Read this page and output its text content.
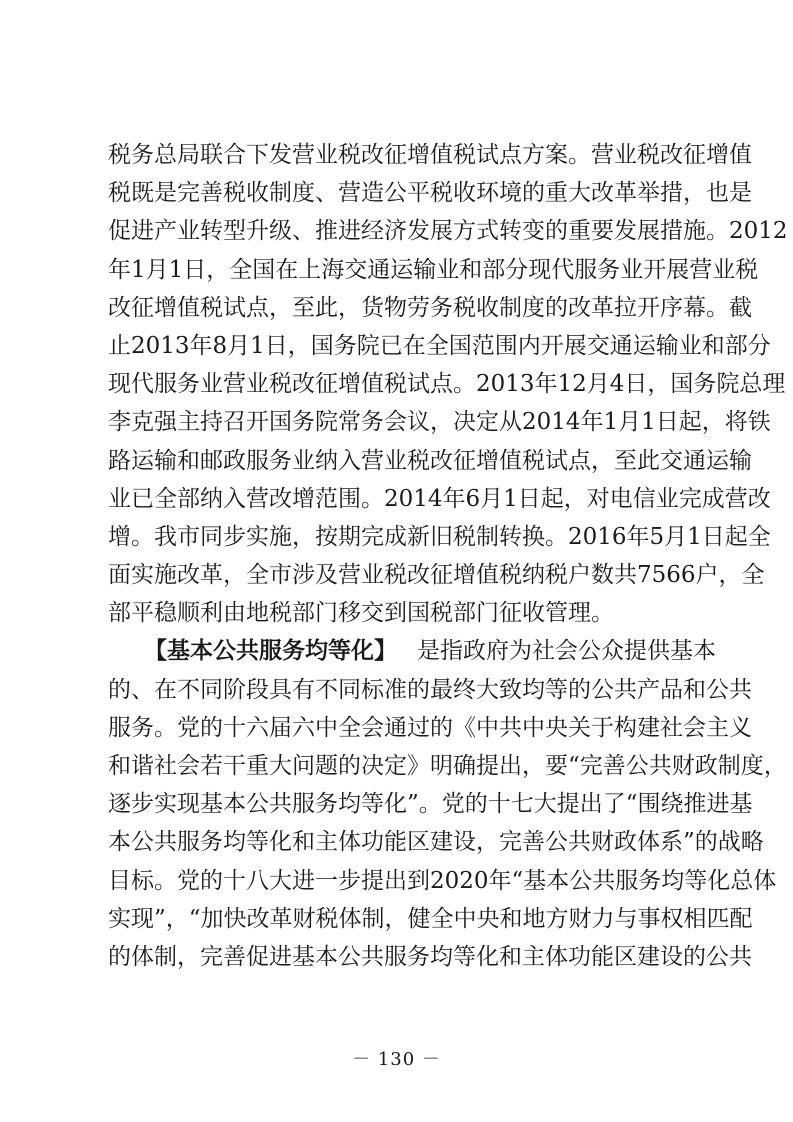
税务总局联合下发营业税改征增值税试点方案。营业税改征增值
税既是完善税收制度、营造公平税收环境的重大改革举措，也是
促进产业转型升级、推进经济发展方式转变的重要发展措施。2012
年1月1日，全国在上海交通运输业和部分现代服务业开展营业税
改征增值税试点，至此，货物劳务税收制度的改革拉开序幕。截
止2013年8月1日，国务院已在全国范围内开展交通运输业和部分
现代服务业营业税改征增值税试点。2013年12月4日，国务院总理
李克强主持召开国务院常务会议，决定从2014年1月1日起，将铁
路运输和邮政服务业纳入营业税改征增值税试点，至此交通运输
业已全部纳入营改增范围。2014年6月1日起，对电信业完成营改
增。我市同步实施，按期完成新旧税制转换。2016年5月1日起全
面实施改革，全市涉及营业税改征增值税纳税户数共7566户，全
部平稳顺利由地税部门移交到国税部门征收管理。
【基本公共服务均等化】 是指政府为社会公众提供基本
的、在不同阶段具有不同标准的最终大致均等的公共产品和公共
服务。党的十六届六中全会通过的《中共中央关于构建社会主义
和谐社会若干重大问题的决定》明确提出，要“完善公共财政制度，
逐步实现基本公共服务均等化”。党的十七大提出了“围绕推进基
本公共服务均等化和主体功能区建设，完善公共财政体系”的战略
目标。党的十八大进一步提出到2020年“基本公共服务均等化总体
实现”，“加快改革财税体制，健全中央和地方财力与事权相匹配
的体制，完善促进基本公共服务均等化和主体功能区建设的公共
－ 130 －
